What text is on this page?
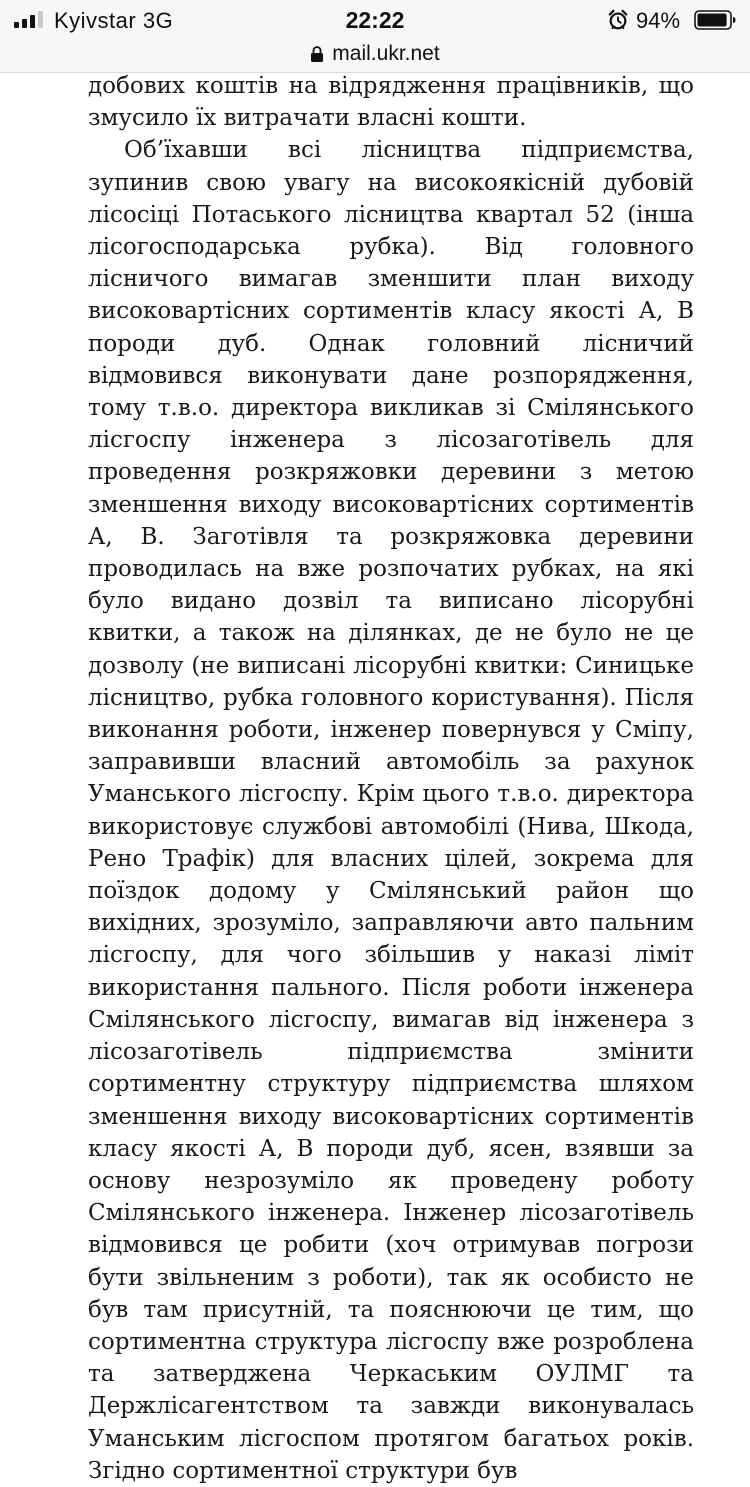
Kyivstar 3G	22:22	94%
mail.ukr.net

добових коштів на відрядження працівників, що змусило їх витрачати власні кошти.

Об’їхавши всі лісництва підприємства, зупинив свою увагу на високоякісній дубовій лісосіці Потаського лісництва квартал 52 (інша лісогосподарська рубка). Від головного лісничого вимагав зменшити план виходу високовартісних сортиментів класу якості А, В породи дуб. Однак головний лісничий відмовився виконувати дане розпорядження, тому т.в.о. директора викликав зі Смілянського лісгоспу інженера з лісозаготівель для проведення розкряжовки деревини з метою зменшення виходу високовартісних сортиментів А, В. Заготівля та розкряжовка деревини проводилась на вже розпочатих рубках, на які було видано дозвіл та виписано лісорубні квитки, а також на ділянках, де не було не це дозволу (не виписані лісорубні квитки: Синицьке лісництво, рубка головного користування). Після виконання роботи, інженер повернувся у Сміпу, заправивши власний автомобіль за рахунок Уманського лісгоспу. Крім цього т.в.о. директора використовує службові автомобілі (Нива, Шкода, Рено Трафік) для власних цілей, зокрема для поїздок додому у Смілянський район що вихідних, зрозуміло, заправляючи авто пальним лісгоспу, для чого збільшив у наказі ліміт використання пального. Після роботи інженера Смілянського лісгоспу, вимагав від інженера з лісозаготівель підприємства змінити сортиментну структуру підприємства шляхом зменшення виходу високовартісних сортиментів класу якості А, В породи дуб, ясен, взявши за основу незрозуміло як проведену роботу Смілянського інженера. Інженер лісозаготівель відмовився це робити (хоч отримував погрози бути звільненим з роботи), так як особисто не був там присутній, та пояснюючи це тим, що сортиментна структура лісгоспу вже розроблена та затверджена Черкаським ОУЛМГ та Держлісагентством та завжди виконувалась Уманським лісгоспом протягом багатьох років. Згідно сортиментної структури був
